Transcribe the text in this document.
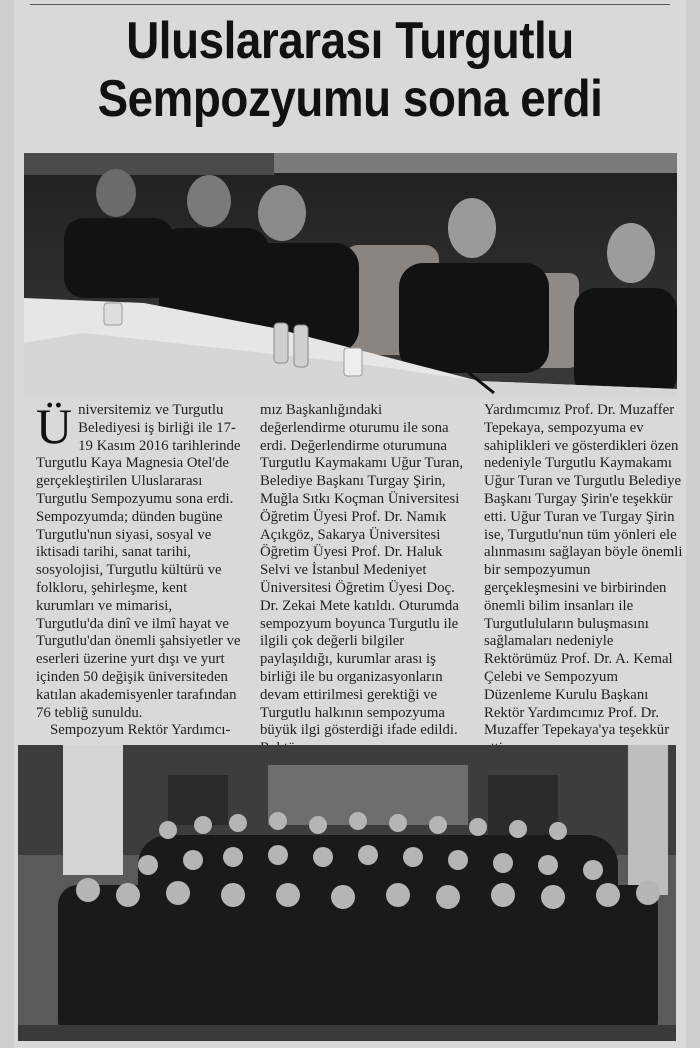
Uluslararası Turgutlu
Sempozyumu sona erdi

Üniversitemiz ve Turgutlu Belediyesi iş birliği ile 17-19 Kasım 2016 tarihlerinde Turgutlu Kaya Magnesia Otel'de gerçekleştirilen Uluslararası Turgutlu Sempozyumu sona erdi. Sempozyumda; dünden bugüne Turgutlu'nun siyasi, sosyal ve iktisadi tarihi, sanat tarihi, sosyolojisi, Turgutlu kültürü ve folkloru, şehirleşme, kent kurumları ve mimarisi, Turgutlu'da dinî ve ilmî hayat ve Turgutlu'dan önemli şahsiyetler ve eserleri üzerine yurt dışı ve yurt içinden 50 değişik üniversiteden katılan akademisyenler tarafından 76 tebliğ sunuldu.

Sempozyum Rektör Yardımcı-

mız Başkanlığındaki değerlendirme oturumu ile sona erdi. Değerlendirme oturumuna Turgutlu Kaymakamı Uğur Turan, Belediye Başkanı Turgay Şirin, Muğla Sıtkı Koçman Üniversitesi Öğretim Üyesi Prof. Dr. Namık Açıkgöz, Sakarya Üniversitesi Öğretim Üyesi Prof. Dr. Haluk Selvi ve İstanbul Medeniyet Üniversitesi Öğretim Üyesi Doç. Dr. Zekai Mete katıldı. Oturumda sempozyum boyunca Turgutlu ile ilgili çok değerli bilgiler paylaşıldığı, kurumlar arası iş birliği ile bu organizasyonların devam ettirilmesi gerektiği ve Turgutlu halkının sempozyuma büyük ilgi gösterdiği ifade edildi.

Yardımcımız Prof. Dr. Muzaffer Tepekaya, sempozyuma ev sahiplikleri ve gösterdikleri özen nedeniyle Turgutlu Kaymakamı Uğur Turan ve Turgutlu Belediye Başkanı Turgay Şirin'e teşekkür etti. Uğur Turan ve Turgay Şirin ise, Turgutlu'nun tüm yönleri ele alınmasını sağlayan böyle önemli bir sempozyumun gerçekleşmesini ve birbirinden önemli bilim insanları ile Turgutluluların buluşmasını sağlamaları nedeniyle Rektörümüz Prof. Dr. A. Kemal Çelebi ve Sempozyum Düzenleme Kurulu Başkanı Rektör Yardımcımız Prof. Dr. Muzaffer Tepekaya'ya teşekkür
